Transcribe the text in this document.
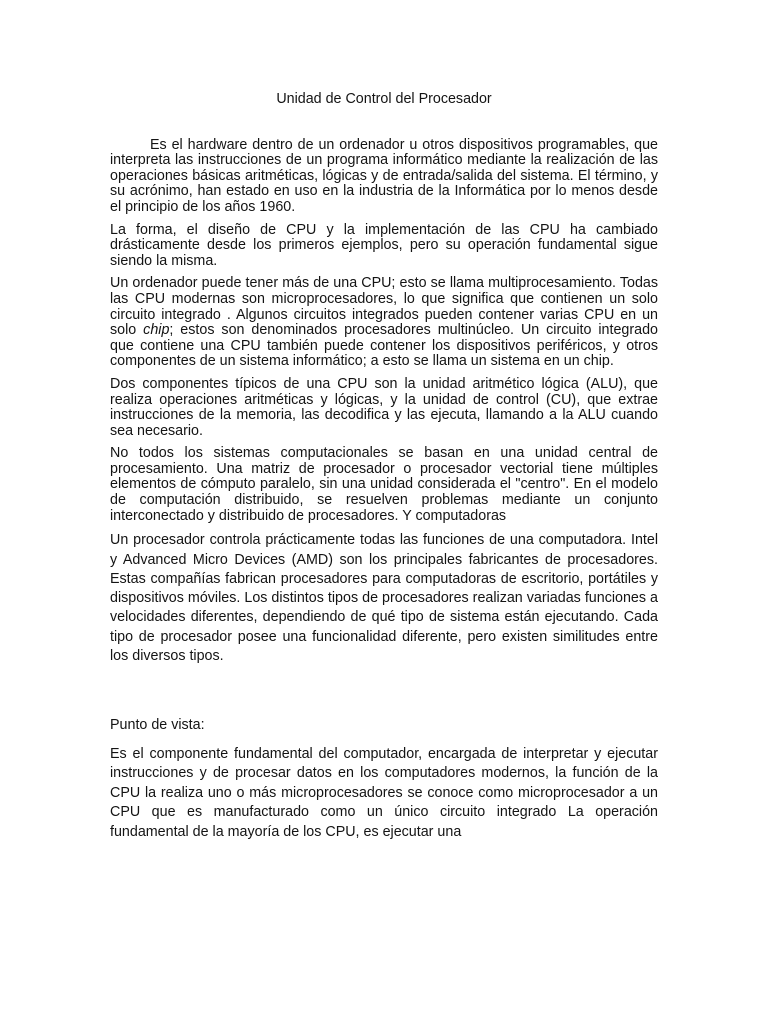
Unidad de Control del Procesador

Es el hardware dentro de un ordenador u otros dispositivos programables, que interpreta las instrucciones de un programa informático mediante la realización de las operaciones básicas aritméticas, lógicas y de entrada/salida del sistema. El término, y su acrónimo, han estado en uso en la industria de la Informática por lo menos desde el principio de los años 1960.

La forma, el diseño de CPU y la implementación de las CPU ha cambiado drásticamente desde los primeros ejemplos, pero su operación fundamental sigue siendo la misma.

Un ordenador puede tener más de una CPU; esto se llama multiprocesamiento. Todas las CPU modernas son microprocesadores, lo que significa que contienen un solo circuito integrado . Algunos circuitos integrados pueden contener varias CPU en un solo chip; estos son denominados procesadores multinúcleo. Un circuito integrado que contiene una CPU también puede contener los dispositivos periféricos, y otros componentes de un sistema informático; a esto se llama un sistema en un chip.

Dos componentes típicos de una CPU son la unidad aritmético lógica (ALU), que realiza operaciones aritméticas y lógicas, y la unidad de control (CU), que extrae instrucciones de la memoria, las decodifica y las ejecuta, llamando a la ALU cuando sea necesario.

No todos los sistemas computacionales se basan en una unidad central de procesamiento. Una matriz de procesador o procesador vectorial tiene múltiples elementos de cómputo paralelo, sin una unidad considerada el "centro". En el modelo de computación distribuido, se resuelven problemas mediante un conjunto interconectado y distribuido de procesadores. Y computadoras

Un procesador controla prácticamente todas las funciones de una computadora. Intel y Advanced Micro Devices (AMD) son los principales fabricantes de procesadores. Estas compañías fabrican procesadores para computadoras de escritorio, portátiles y dispositivos móviles. Los distintos tipos de procesadores realizan variadas funciones a velocidades diferentes, dependiendo de qué tipo de sistema están ejecutando. Cada tipo de procesador posee una funcionalidad diferente, pero existen similitudes entre los diversos tipos.

Punto de vista:

Es el componente fundamental del computador, encargada de interpretar y ejecutar instrucciones y de procesar datos en los computadores modernos, la función de la CPU la realiza uno o más microprocesadores se conoce como microprocesador a un CPU que es manufacturado como un único circuito integrado La operación fundamental de la mayoría de los CPU, es ejecutar una
